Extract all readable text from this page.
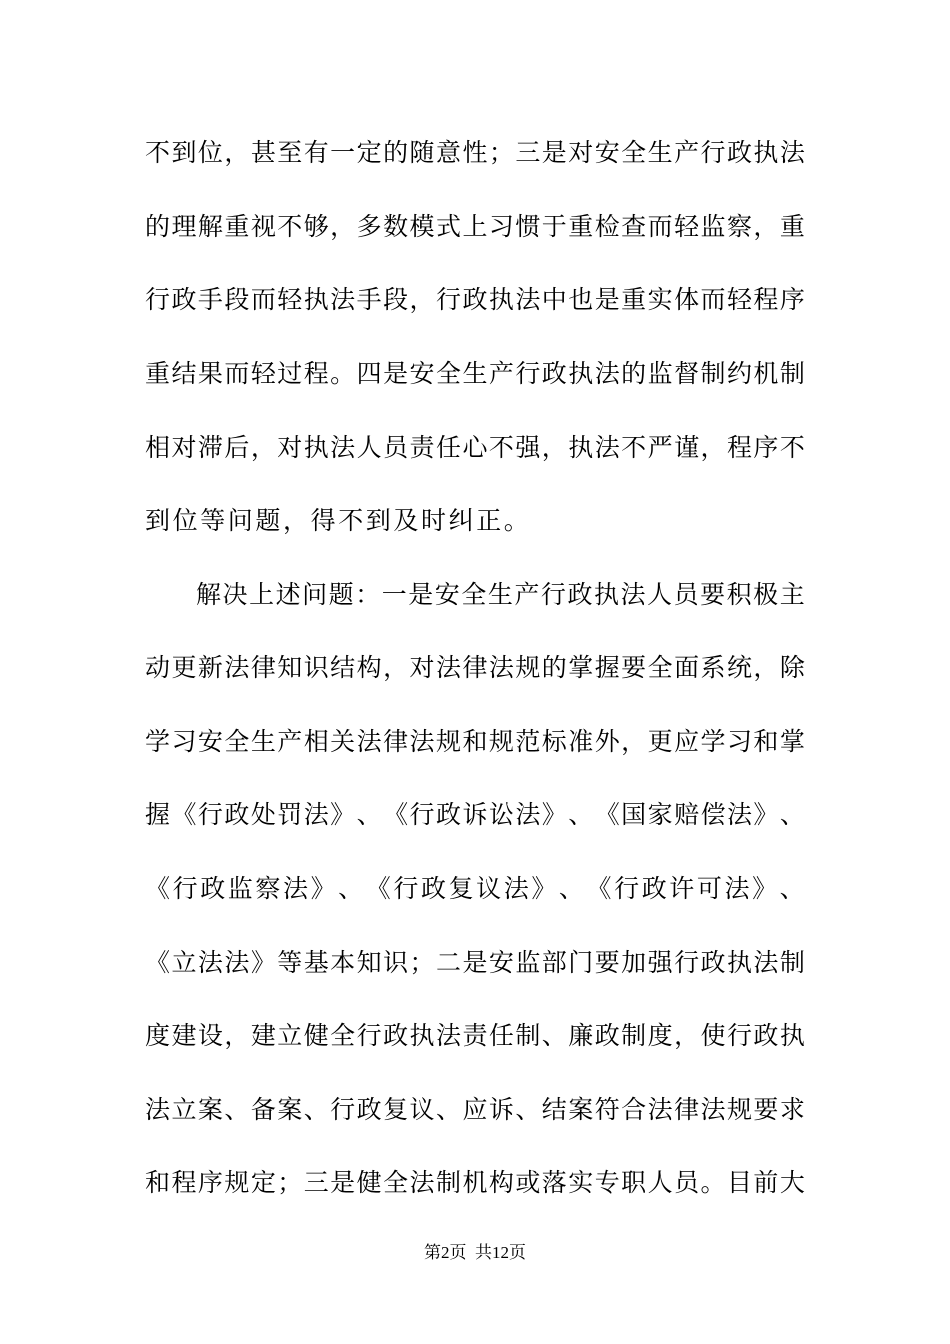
不 到 位 ， 甚 至 有 一 定 的 随 意 性 ； 三 是 对 安 全 生 产 行 政 执 法
的 理 解 重 视 不 够 ， 多 数 模 式 上 习 惯 于 重 检 查 而 轻 监 察 ， 重
行 政 手 段 而 轻 执 法 手 段 ， 行 政 执 法 中 也 是 重 实 体 而 轻 程 序
重 结 果 而 轻 过 程 。 四 是 安 全 生 产 行 政 执 法 的 监 督 制 约 机 制
相 对 滞 后 ， 对 执 法 人 员 责 任 心 不 强 ， 执 法 不 严 谨 ， 程 序 不
到位等问题，得不到及时纠正。
解 决 上 述 问 题 ： 一 是 安 全 生 产 行 政 执 法 人 员 要 积 极 主
动 更 新 法 律 知 识 结 构 ， 对 法 律 法 规 的 掌 握 要 全 面 系 统 ， 除
学 习 安 全 生 产 相 关 法 律 法 规 和 规 范 标 准 外 ， 更 应 学 习 和 掌
握 《 行 政 处 罚 法 》 、 《 行 政 诉 讼 法 》 、 《 国 家 赔 偿 法 》 、
《 行 政 监 察 法 》 、 《 行 政 复 议 法 》 、 《 行 政 许 可 法 》 、
《 立 法 法 》 等 基 本 知 识 ； 二 是 安 监 部 门 要 加 强 行 政 执 法 制
度 建 设 ， 建 立 健 全 行 政 执 法 责 任 制 、 廉 政 制 度 ， 使 行 政 执
法 立 案 、 备 案 、 行 政 复 议 、 应 诉 、 结 案 符 合 法 律 法 规 要 求
和 程 序 规 定 ； 三 是 健 全 法 制 机 构 或 落 实 专 职 人 员 。 目 前 大
第2页  共12页
